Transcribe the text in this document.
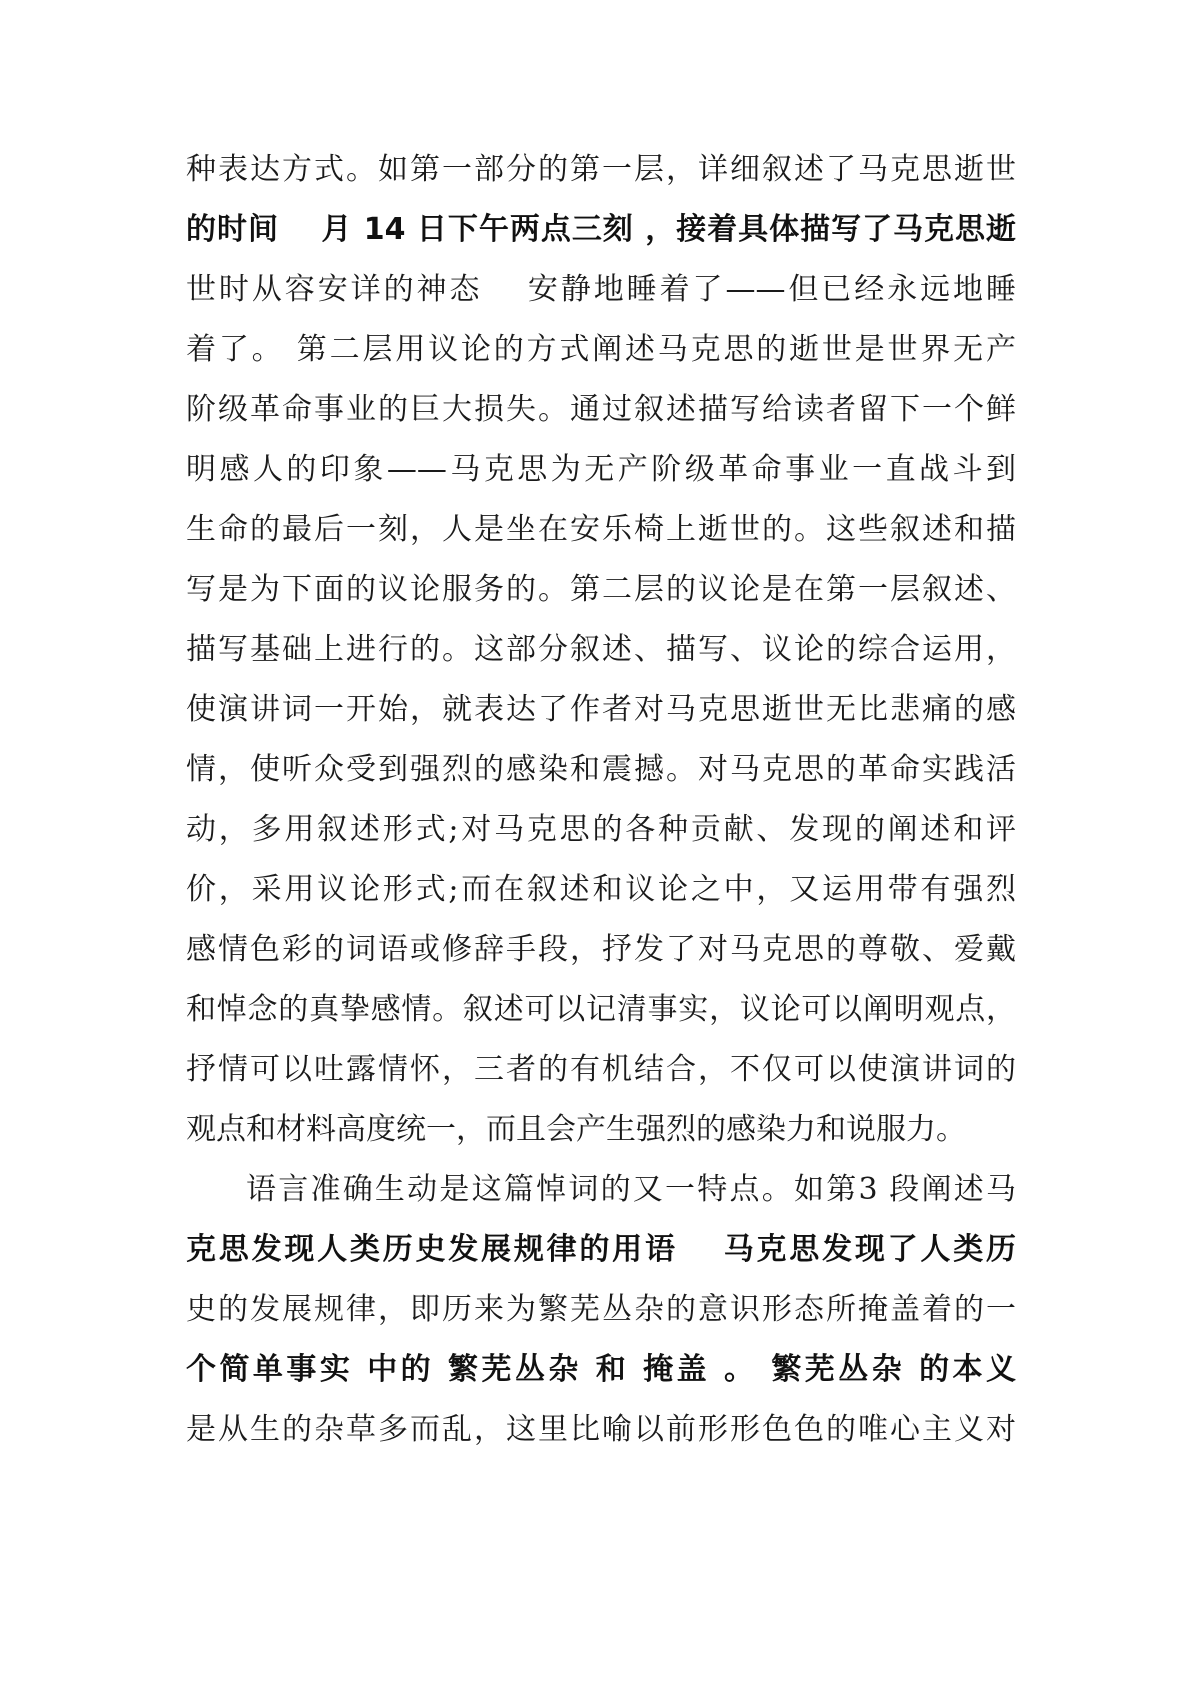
种表达方式。如第一部分的第一层，详细叙述了马克思逝世
的时间　 月 14 日下午两点三刻 ，接着具体描写了马克思逝
世时从容安详的神态　 安静地睡着了——但已经永远地睡
着了。 第二层用议论的方式阐述马克思的逝世是世界无产
阶级革命事业的巨大损失。通过叙述描写给读者留下一个鲜
明感人的印象——马克思为无产阶级革命事业一直战斗到
生命的最后一刻，人是坐在安乐椅上逝世的。这些叙述和描
写是为下面的议论服务的。第二层的议论是在第一层叙述、
描写基础上进行的。这部分叙述、描写、议论的综合运用，
使演讲词一开始，就表达了作者对马克思逝世无比悲痛的感
情，使听众受到强烈的感染和震撼。对马克思的革命实践活
动，多用叙述形式;对马克思的各种贡献、发现的阐述和评
价，采用议论形式;而在叙述和议论之中，又运用带有强烈
感情色彩的词语或修辞手段，抒发了对马克思的尊敬、爱戴
和悼念的真挚感情。叙述可以记清事实，议论可以阐明观点，
抒情可以吐露情怀，三者的有机结合，不仅可以使演讲词的
观点和材料高度统一，而且会产生强烈的感染力和说服力。
语言准确生动是这篇悼词的又一特点。如第3 段阐述马
克思发现人类历史发展规律的用语　 马克思发现了人类历
史的发展规律，即历来为繁芜丛杂的意识形态所掩盖着的一
个简单事实 中的 繁芜丛杂 和 掩盖 。 繁芜丛杂 的本义
是从生的杂草多而乱，这里比喻以前形形色色的唯心主义对
